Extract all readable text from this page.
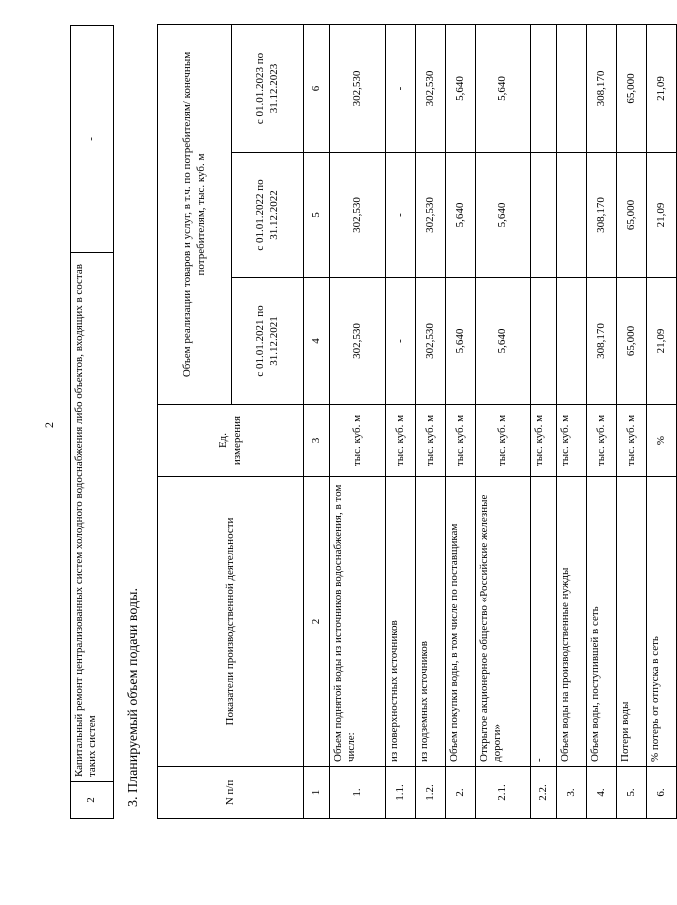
2
2	Капитальный ремонт централизованных систем холодного водоснабжения либо объектов, входящих в состав таких систем	-
3. Планируемый объем подачи воды.	N п/п	Показатели производственной деятельности	Ед. измерения	Объем реализации товаров и услуг, в т.ч. по потребителям/ конечным потребителям, тыс. куб. м		
			с 01.01.2021 по 31.12.2021	с 01.01.2022 по 31.12.2022	с 01.01.2023 по 31.12.2023
1	2	3	4	5	6
1.	Объем поднятой воды из источников водоснабжения, в том числе:	тыс. куб. м	302,530	302,530	302,530
1.1.	из поверхностных источников	тыс. куб. м	-	-	-
1.2.	из подземных источников	тыс. куб. м	302,530	302,530	302,530
2.	Объем покупки воды, в том числе по поставщикам	тыс. куб. м	5,640	5,640	5,640
2.1.	Открытое акционерное общество «Российские железные дороги»	тыс. куб. м	5,640	5,640	5,640
2.2.	-	тыс. куб. м			
3.	Объем воды на производственные нужды	тыс. куб. м			
4.	Объем воды, поступившей в сеть	тыс. куб. м	308,170	308,170	308,170
5.	Потери воды	тыс. куб. м	65,000	65,000	65,000
6.	% потерь от отпуска в сеть	%	21,09	21,09	21,09
